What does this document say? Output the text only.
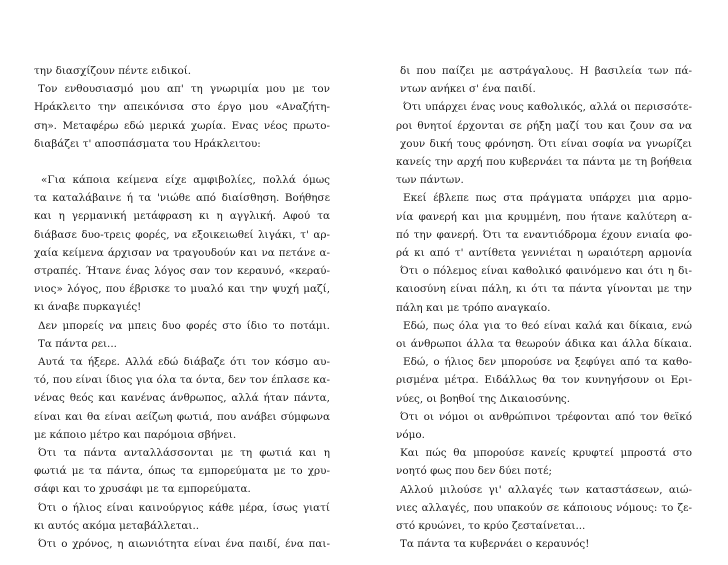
την διασχίζουν πέντε ειδικοί.
Τον ενθουσιασμό μου απ' τη γνωριμία μου με τον
Ηράκλειτο την απεικόνισα στο έργο μου «Αναζήτη-
ση». Μεταφέρω εδώ μερικά χωρία. Ενας νέος πρωτο-
διαβάζει τ' αποσπάσματα του Ηράκλειτου:
«Για κάποια κείμενα είχε αμφιβολίες, πολλά όμως
τα καταλάβαινε ή τα 'νιώθε από διαίσθηση. Βοήθησε
και η γερμανική μετάφραση κι η αγγλική. Αφού τα
διάβασε δυο-τρεις φορές, να εξοικειωθεί λιγάκι, τ' αρ-
χαία κείμενα άρχισαν να τραγουδούν και να πετάνε α-
στραπές. Ήτανε ένας λόγος σαν τον κεραυνό, «κεραύ-
νιος» λόγος, που έβρισκε το μυαλό και την ψυχή μαζί,
κι άναβε πυρκαγιές!
Δεν μπορείς να μπεις δυο φορές στο ίδιο το ποτάμι.
Τα πάντα ρει...
Αυτά τα ήξερε. Αλλά εδώ διάβαζε ότι τον κόσμο αυ-
τό, που είναι ίδιος για όλα τα όντα, δεν τον έπλασε κα-
νένας θεός και κανένας άνθρωπος, αλλά ήταν πάντα,
είναι και θα είναι αείζωη φωτιά, που ανάβει σύμφωνα
με κάποιο μέτρο και παρόμοια σβήνει.
Ότι τα πάντα ανταλλάσσονται με τη φωτιά και η
φωτιά με τα πάντα, όπως τα εμπορεύματα με το χρυ-
σάφι και το χρυσάφι με τα εμπορεύματα.
Ότι ο ήλιος είναι καινούργιος κάθε μέρα, ίσως γιατί
κι αυτός ακόμα μεταβάλλεται..
Ότι ο χρόνος, η αιωνιότητα είναι ένα παιδί, ένα παι-
δι που παίζει με αστράγαλους. Η βασιλεία των πά-
ντων ανήκει σ' ένα παιδί.
Ότι υπάρχει ένας νους καθολικός, αλλά οι περισσότε-
ροι θνητοί έρχονται σε ρήξη μαζί του και ζουν σα να
χουν δική τους φρόνηση. Ότι είναι σοφία να γνωρίζει
κανείς την αρχή που κυβερνάει τα πάντα με τη βοήθεια
των πάντων.
Εκεί έβλεπε πως στα πράγματα υπάρχει μια αρμο-
νία φανερή και μια κρυμμένη, που ήτανε καλύτερη α-
πό την φανερή. Ότι τα εναντιόδρομα έχουν ενιαία φο-
ρά κι από τ' αντίθετα γεννιέται η ωραιότερη αρμονία
Ότι ο πόλεμος είναι καθολικό φαινόμενο και ότι η δι-
καιοσύνη είναι πάλη, κι ότι τα πάντα γίνονται με την
πάλη και με τρόπο αναγκαίο.
Εδώ, πως όλα για το θεό είναι καλά και δίκαια, ενώ
οι άνθρωποι άλλα τα θεωρούν άδικα και άλλα δίκαια.
Εδώ, ο ήλιος δεν μπορούσε να ξεφύγει από τα καθο-
ρισμένα μέτρα. Ειδάλλως θα τον κυνηγήσουν οι Ερι-
νύες, οι βοηθοί της Δικαιοσύνης.
Ότι οι νόμοι οι ανθρώπινοι τρέφονται από τον θεϊκό
νόμο.
Και πώς θα μπορούσε κανείς κρυφτεί μπροστά στο
νοητό φως που δεν δύει ποτέ;
Αλλού μιλούσε γι' αλλαγές των καταστάσεων, αιώ-
νιες αλλαγές, που υπακούν σε κάποιους νόμους: το ζε-
στό κρυώνει, το κρύο ζεσταίνεται...
Τα πάντα τα κυβερνάει ο κεραυνός!
